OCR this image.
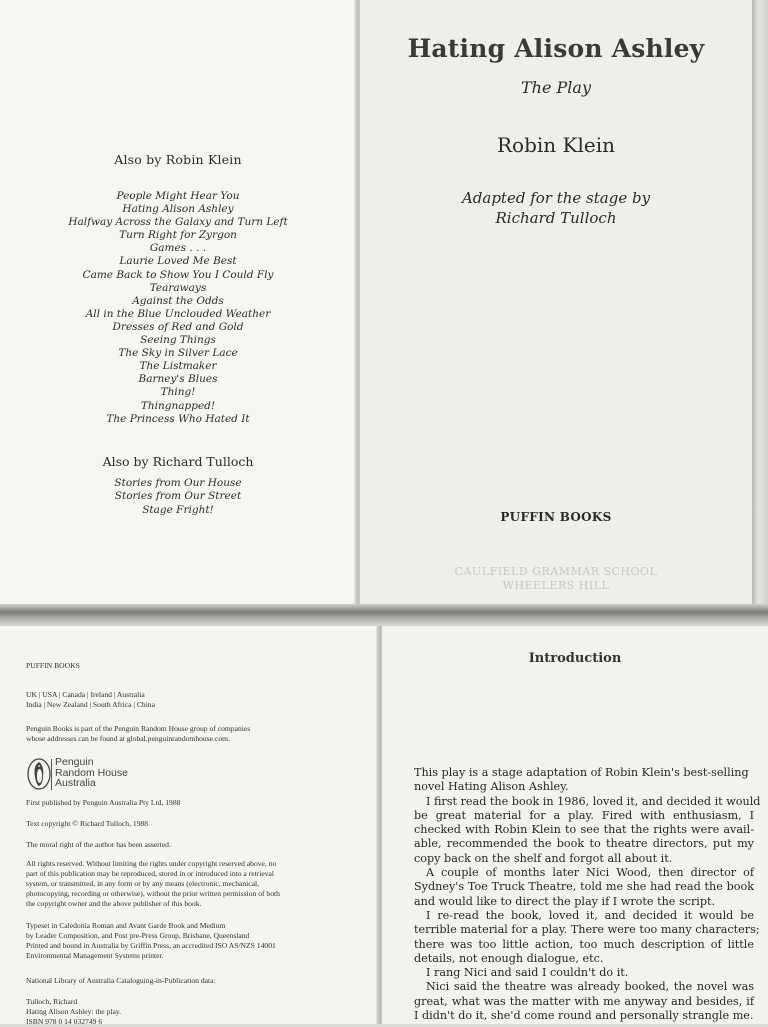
Also by Robin Klein
People Might Hear You
Hating Alison Ashley
Halfway Across the Galaxy and Turn Left
Turn Right for Zyrgon
Games . . .
Laurie Loved Me Best
Came Back to Show You I Could Fly
Tearaways
Against the Odds
All in the Blue Unclouded Weather
Dresses of Red and Gold
Seeing Things
The Sky in Silver Lace
The Listmaker
Barney's Blues
Thing!
Thingnapped!
The Princess Who Hated It
Also by Richard Tulloch
Stories from Our House
Stories from Our Street
Stage Fright!
Hating Alison Ashley
The Play
Robin Klein
Adapted for the stage by
Richard Tulloch
PUFFIN BOOKS
CAULFIELD GRAMMAR SCHOOL
WHEELERS HILL
PUFFIN BOOKS
UK | USA | Canada | Ireland | Australia
India | New Zealand | South Africa | China
Penguin Books is part of the Penguin Random House group of companies
whose addresses can be found at global.penguinrandomhouse.com.
Penguin
Random House
Australia
First published by Penguin Australia Pty Ltd, 1988
Text copyright © Richard Tulloch, 1988
The moral right of the author has been asserted.
All rights reserved. Without limiting the rights under copyright reserved above, no
part of this publication may be reproduced, stored in or introduced into a retrieval
system, or transmitted, in any form or by any means (electronic, mechanical,
photocopying, recording or otherwise), without the prior written permission of both
the copyright owner and the above publisher of this book.
Typeset in Caledonia Roman and Avant Garde Book and Medium
by Leader Composition, and Post pre-Press Group, Brisbane, Queensland
Printed and bound in Australia by Griffin Press, an accredited ISO AS/NZS 14001
Environmental Management Systems printer.
National Library of Australia Cataloguing-in-Publication data:
Tulloch, Richard
Hating Alison Ashley: the play.
ISBN 978 0 14 032749 6
Introduction
This play is a stage adaptation of Robin Klein's best-selling
novel Hating Alison Ashley.
I first read the book in 1986, loved it, and decided it would
be great material for a play. Fired with enthusiasm, I
checked with Robin Klein to see that the rights were avail-
able, recommended the book to theatre directors, put my
copy back on the shelf and forgot all about it.
A couple of months later Nici Wood, then director of
Sydney's Toe Truck Theatre, told me she had read the book
and would like to direct the play if I wrote the script.
I re-read the book, loved it, and decided it would be
terrible material for a play. There were too many characters;
there was too little action, too much description of little
details, not enough dialogue, etc.
I rang Nici and said I couldn't do it.
Nici said the theatre was already booked, the novel was
great, what was the matter with me anyway and besides, if
I didn't do it, she'd come round and personally strangle me.
